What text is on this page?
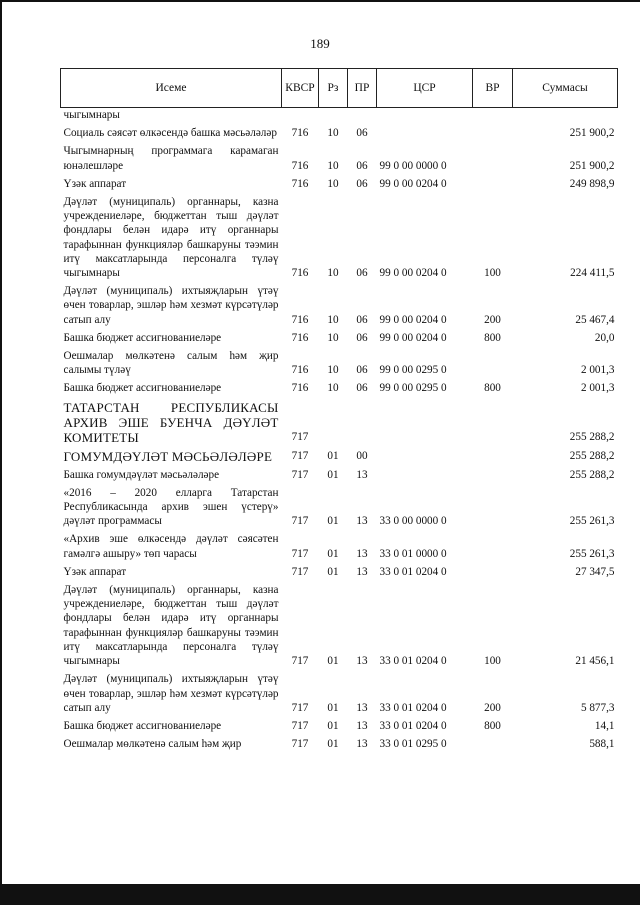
189
Исеме	КВСР	Рз	ПР	ЦСР	ВР	Суммасы
чыгымнары						
Социаль сәясәт өлкәсендә башка мәсьәләләр	716	10	06			251 900,2
Чыгымнарның программага карамаган юнәлешләре	716	10	06	99 0 00 0000 0		251 900,2
Үзәк аппарат	716	10	06	99 0 00 0204 0		249 898,9
Дәүләт (муниципаль) органнары, казна учреждениеләре, бюджеттан тыш дәүләт фондлары белән идарә итү органнары тарафыннан функцияләр башкаруны тәэмин итү максатларында персоналга түләү чыгымнары	716	10	06	99 0 00 0204 0	100	224 411,5
Дәүләт (муниципаль) ихтыяҗларын үтәү өчен товарлар, эшләр һәм хезмәт күрсәтүләр сатып алу	716	10	06	99 0 00 0204 0	200	25 467,4
Башка бюджет ассигнованиеләре	716	10	06	99 0 00 0204 0	800	20,0
Оешмалар мөлкәтенә салым һәм җир салымы түләү	716	10	06	99 0 00 0295 0		2 001,3
Башка бюджет ассигнованиеләре	716	10	06	99 0 00 0295 0	800	2 001,3
ТАТАРСТАН РЕСПУБЛИКАСЫ АРХИВ ЭШЕ БУЕНЧА ДӘҮЛӘТ КОМИТЕТЫ	717					255 288,2
ГОМУМДӘҮЛӘТ МӘСЬӘЛӘЛӘРЕ	717	01	00			255 288,2
Башка гомумдәүләт мәсьәләләре	717	01	13			255 288,2
«2016 – 2020 елларга Татарстан Республикасында архив эшен үстерү» дәүләт программасы	717	01	13	33 0 00 0000 0		255 261,3
«Архив эше өлкәсендә дәүләт сәясәтен гамәлгә ашыру» төп чарасы	717	01	13	33 0 01 0000 0		255 261,3
Үзәк аппарат	717	01	13	33 0 01 0204 0		27 347,5
Дәүләт (муниципаль) органнары, казна учреждениеләре, бюджеттан тыш дәүләт фондлары белән идарә итү органнары тарафыннан функцияләр башкаруны тәэмин итү максатларында персоналга түләү чыгымнары	717	01	13	33 0 01 0204 0	100	21 456,1
Дәүләт (муниципаль) ихтыяҗларын үтәү өчен товарлар, эшләр һәм хезмәт күрсәтүләр сатып алу	717	01	13	33 0 01 0204 0	200	5 877,3
Башка бюджет ассигнованиеләре	717	01	13	33 0 01 0204 0	800	14,1
Оешмалар мөлкәтенә салым һәм җир	717	01	13	33 0 01 0295 0		588,1
